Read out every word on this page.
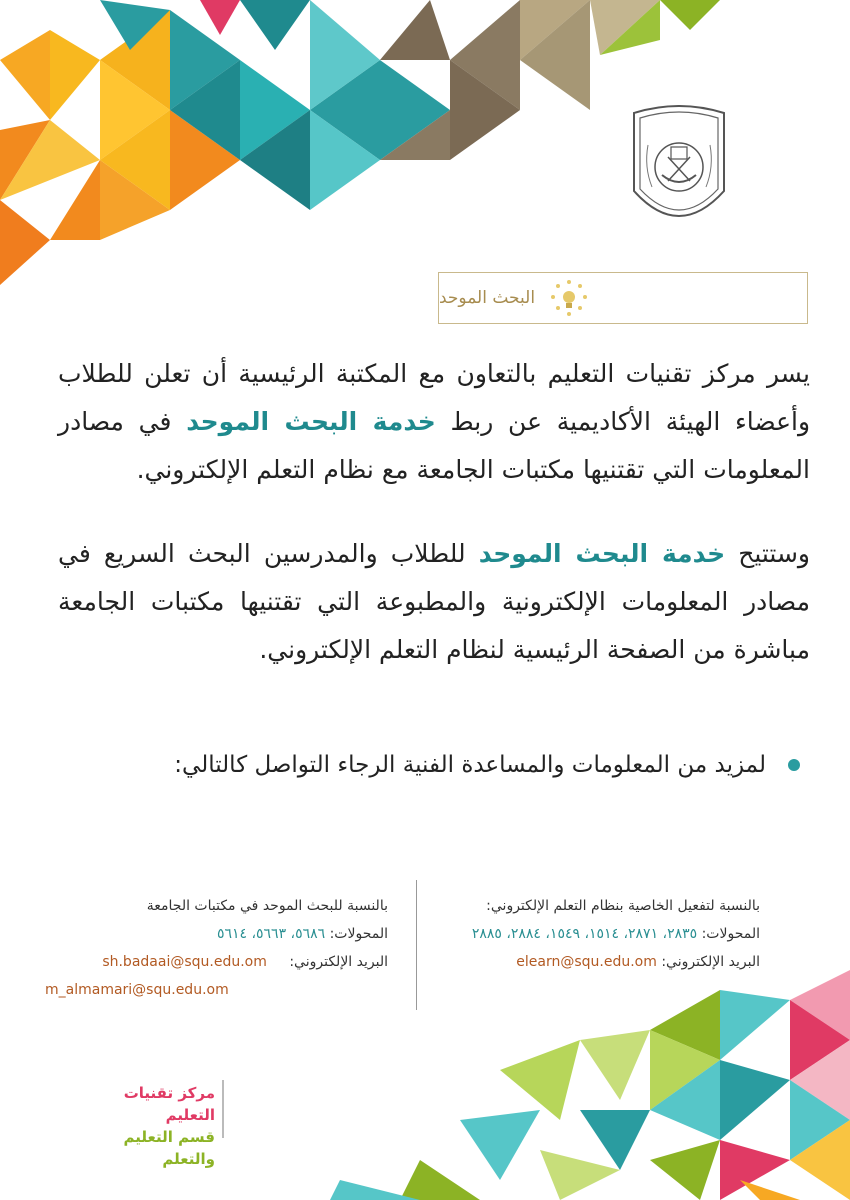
البحث الموحد

يسر مركز تقنيات التعليم بالتعاون مع المكتبة الرئيسية أن تعلن للطلاب وأعضاء الهيئة الأكاديمية عن ربط خدمة البحث الموحد في مصادر المعلومات التي تقتنيها مكتبات الجامعة مع نظام التعلم الإلكتروني.

وستتيح خدمة البحث الموحد للطلاب والمدرسين البحث السريع في مصادر المعلومات الإلكترونية والمطبوعة التي تقتنيها مكتبات الجامعة مباشرة من الصفحة الرئيسية لنظام التعلم الإلكتروني.

لمزيد من المعلومات والمساعدة الفنية الرجاء التواصل كالتالي:
بالنسبة لتفعيل الخاصية بنظام التعلم الإلكتروني:
المحولات: ٢٨٣٥، ٢٨٧١، ١٥١٤، ١٥٤٩، ٢٨٨٤، ٢٨٨٥
البريد الإلكتروني: elearn@squ.edu.om
بالنسبة للبحث الموحد في مكتبات الجامعة
المحولات: ٥٦٨٦، ٥٦٦٣، ٥٦١٤
البريد الإلكتروني: sh.badaai@squ.edu.om
m_almamari@squ.edu.om
مركز تقنيات التعليم
قسم التعليم والتعلم
